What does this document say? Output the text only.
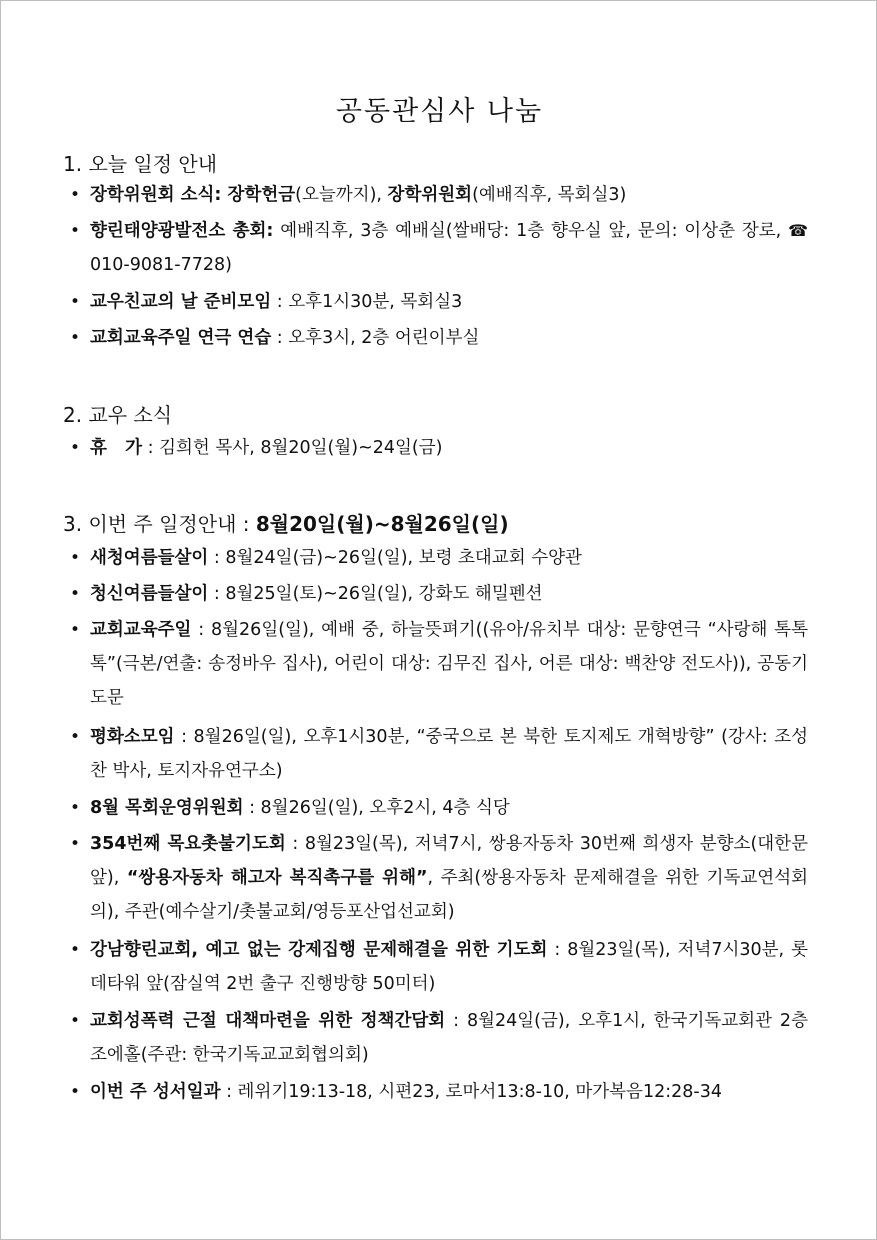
공동관심사 나눔
1. 오늘 일정 안내
• 장학위원회 소식: 장학헌금(오늘까지), 장학위원회(예배직후, 목회실3)
• 향린태양광발전소 총회: 예배직후, 3층 예배실(쌀배당: 1층 향우실 앞, 문의: 이상춘 장로, ☎ 010-9081-7728)
• 교우친교의 날 준비모임 : 오후1시30분, 목회실3
• 교회교육주일 연극 연습 : 오후3시, 2층 어린이부실
2. 교우 소식
• 휴   가 : 김희헌 목사, 8월20일(월)~24일(금)
3. 이번 주 일정안내 : 8월20일(월)~8월26일(일)
• 새청여름들살이 : 8월24일(금)~26일(일), 보령 초대교회 수양관
• 청신여름들살이 : 8월25일(토)~26일(일), 강화도 해밀펜션
• 교회교육주일 : 8월26일(일), 예배 중, 하늘뜻펴기((유아/유치부 대상: 문향연극 “사랑해 톡톡톡”(극본/연출: 송정바우 집사), 어린이 대상: 김무진 집사, 어른 대상: 백찬양 전도사)), 공동기도문
• 평화소모임 : 8월26일(일), 오후1시30분, “중국으로 본 북한 토지제도 개혁방향” (강사: 조성찬 박사, 토지자유연구소)
• 8월 목회운영위원회 : 8월26일(일), 오후2시, 4층 식당
• 354번째 목요촛불기도회 : 8월23일(목), 저녁7시, 쌍용자동차 30번째 희생자 분향소(대한문 앞), “쌍용자동차 해고자 복직촉구를 위해”, 주최(쌍용자동차 문제해결을 위한 기독교연석회의), 주관(예수살기/촛불교회/영등포산업선교회)
• 강남향린교회, 예고 없는 강제집행 문제해결을 위한 기도회 : 8월23일(목), 저녁7시30분, 롯데타워 앞(잠실역 2번 출구 진행방향 50미터)
• 교회성폭력 근절 대책마련을 위한 정책간담회 : 8월24일(금), 오후1시, 한국기독교회관 2층 조에홀(주관: 한국기독교교회협의회)
• 이번 주 성서일과 : 레위기19:13-18, 시편23, 로마서13:8-10, 마가복음12:28-34
